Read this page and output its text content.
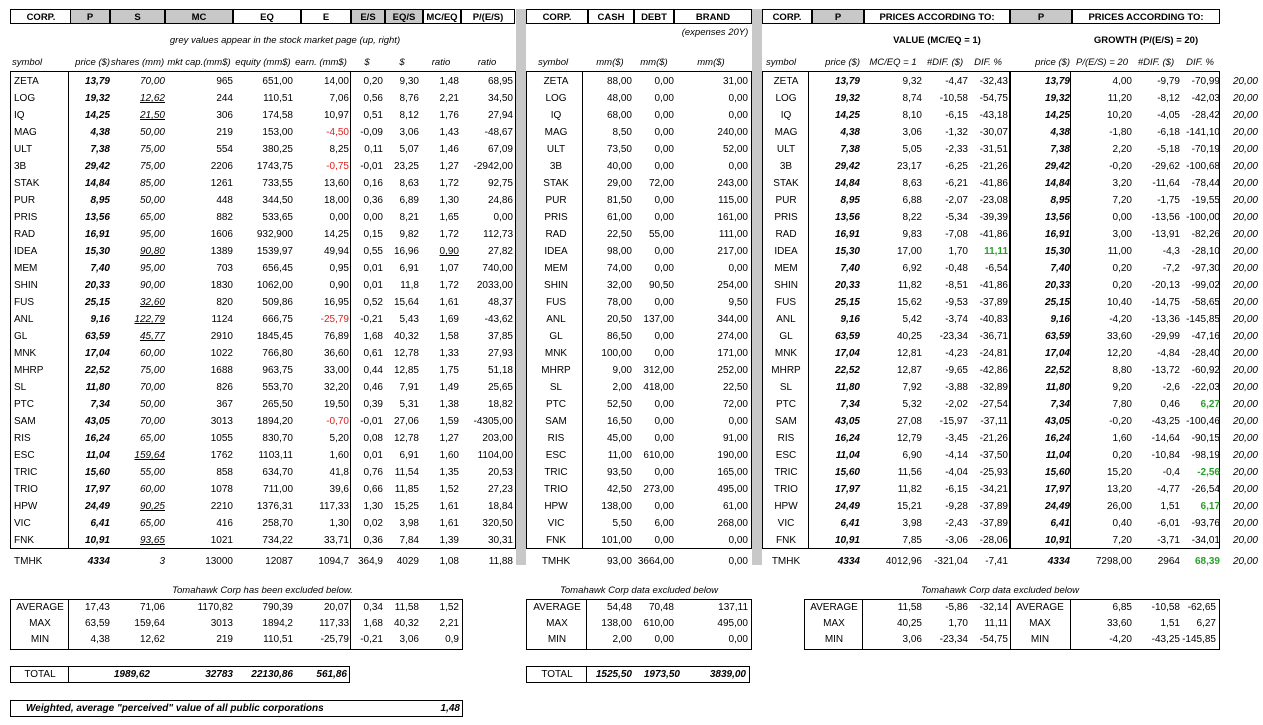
CORP.	P	S	MC	EQ	E	E/S	EQ/S	MC/EQ	P/(E/S)	CORP.	CASH	DEBT	BRAND	CORP.	P	PRICES ACCORDING TO:	P	PRICES ACCORDING TO:
grey values appear in the stock market page (up, right)
(expenses 20Y)
VALUE (MC/EQ = 1)	GROWTH (P/(E/S) = 20)
Tomahawk Corp has been excluded below.	Tomahawk Corp data excluded below	Tomahawk Corp data excluded below
symbol	price ($) shares (mm) mkt cap.(mm$) equity (mm$) earn. (mm$)	$	$	ratio	ratio	symbol	mm($)	mm($)	mm($)	symbol	price ($) MC/EQ = 1	#DIF. ($)	DIF. %	price ($) P/(E/S) = 20	#DIF. ($)	DIF. %
ZETA	13,79	70,00	965	651,00	14,00	0,20	9,30	1,48	68,95	ZETA	88,00	0,00	31,00	ZETA	13,79	9,32	-4,47	-32,43	13,79	4,00	-9,79	-70,99	20,00
LOG	19,32	12,62	244	110,51	7,06	0,56	8,76	2,21	34,50	LOG	48,00	0,00	0,00	LOG	19,32	8,74	-10,58	-54,75	19,32	11,20	-8,12	-42,03	20,00
IQ	14,25	21,50	306	174,58	10,97	0,51	8,12	1,76	27,94	IQ	68,00	0,00	0,00	IQ	14,25	8,10	-6,15	-43,18	14,25	10,20	-4,05	-28,42	20,00
MAG	4,38	50,00	219	153,00	-4,50	-0,09	3,06	1,43	-48,67	MAG	8,50	0,00	240,00	MAG	4,38	3,06	-1,32	-30,07	4,38	-1,80	-6,18 -141,10	20,00
ULT	7,38	75,00	554	380,25	8,25	0,11	5,07	1,46	67,09	ULT	73,50	0,00	52,00	ULT	7,38	5,05	-2,33	-31,51	7,38	2,20	-5,18	-70,19	20,00
3B	29,42	75,00	2206	1743,75	-0,75	-0,01	23,25	1,27	-2942,00	3B	40,00	0,00	0,00	3B	29,42	23,17	-6,25	-21,26	29,42	-0,20	-29,62 -100,68	20,00
STAK	14,84	85,00	1261	733,55	13,60	0,16	8,63	1,72	92,75	STAK	29,00	72,00	243,00	STAK	14,84	8,63	-6,21	-41,86	14,84	3,20	-11,64	-78,44	20,00
PUR	8,95	50,00	448	344,50	18,00	0,36	6,89	1,30	24,86	PUR	81,50	0,00	115,00	PUR	8,95	6,88	-2,07	-23,08	8,95	7,20	-1,75	-19,55	20,00
PRIS	13,56	65,00	882	533,65	0,00	0,00	8,21	1,65	0,00	PRIS	61,00	0,00	161,00	PRIS	13,56	8,22	-5,34	-39,39	13,56	0,00	-13,56 -100,00	20,00
RAD	16,91	95,00	1606	932,900	14,25	0,15	9,82	1,72	112,73	RAD	22,50	55,00	111,00	RAD	16,91	9,83	-7,08	-41,86	16,91	3,00	-13,91	-82,26	20,00
IDEA	15,30	90,80	1389	1539,97	49,94	0,55	16,96	0,90	27,82	IDEA	98,00	0,00	217,00	IDEA	15,30	17,00	1,70	11,11	15,30	11,00	-4,3	-28,10	20,00
MEM	7,40	95,00	703	656,45	0,95	0,01	6,91	1,07	740,00	MEM	74,00	0,00	0,00	MEM	7,40	6,92	-0,48	-6,54	7,40	0,20	-7,2	-97,30	20,00
SHIN	20,33	90,00	1830	1062,00	0,90	0,01	11,8	1,72	2033,00	SHIN	32,00	90,50	254,00	SHIN	20,33	11,82	-8,51	-41,86	20,33	0,20	-20,13	-99,02	20,00
FUS	25,15	32,60	820	509,86	16,95	0,52	15,64	1,61	48,37	FUS	78,00	0,00	9,50	FUS	25,15	15,62	-9,53	-37,89	25,15	10,40	-14,75	-58,65	20,00
ANL	9,16	122,79	1124	666,75	-25,79	-0,21	5,43	1,69	-43,62	ANL	20,50	137,00	344,00	ANL	9,16	5,42	-3,74	-40,83	9,16	-4,20	-13,36 -145,85	20,00
GL	63,59	45,77	2910	1845,45	76,89	1,68	40,32	1,58	37,85	GL	86,50	0,00	274,00	GL	63,59	40,25	-23,34	-36,71	63,59	33,60	-29,99	-47,16	20,00
MNK	17,04	60,00	1022	766,80	36,60	0,61	12,78	1,33	27,93	MNK	100,00	0,00	171,00	MNK	17,04	12,81	-4,23	-24,81	17,04	12,20	-4,84	-28,40	20,00
MHRP	22,52	75,00	1688	963,75	33,00	0,44	12,85	1,75	51,18	MHRP	9,00	312,00	252,00	MHRP	22,52	12,87	-9,65	-42,86	22,52	8,80	-13,72	-60,92	20,00
SL	11,80	70,00	826	553,70	32,20	0,46	7,91	1,49	25,65	SL	2,00	418,00	22,50	SL	11,80	7,92	-3,88	-32,89	11,80	9,20	-2,6	-22,03	20,00
PTC	7,34	50,00	367	265,50	19,50	0,39	5,31	1,38	18,82	PTC	52,50	0,00	72,00	PTC	7,34	5,32	-2,02	-27,54	7,34	7,80	0,46	6,27	20,00
SAM	43,05	70,00	3013	1894,20	-0,70	-0,01	27,06	1,59	-4305,00	SAM	16,50	0,00	0,00	SAM	43,05	27,08	-15,97	-37,11	43,05	-0,20	-43,25 -100,46	20,00
RIS	16,24	65,00	1055	830,70	5,20	0,08	12,78	1,27	203,00	RIS	45,00	0,00	91,00	RIS	16,24	12,79	-3,45	-21,26	16,24	1,60	-14,64	-90,15	20,00
ESC	11,04	159,64	1762	1103,11	1,60	0,01	6,91	1,60	1104,00	ESC	11,00	610,00	190,00	ESC	11,04	6,90	-4,14	-37,50	11,04	0,20	-10,84	-98,19	20,00
TRIC	15,60	55,00	858	634,70	41,8	0,76	11,54	1,35	20,53	TRIC	93,50	0,00	165,00	TRIC	15,60	11,56	-4,04	-25,93	15,60	15,20	-0,4	-2,56	20,00
TRIO	17,97	60,00	1078	711,00	39,6	0,66	11,85	1,52	27,23	TRIO	42,50	273,00	495,00	TRIO	17,97	11,82	-6,15	-34,21	17,97	13,20	-4,77	-26,54	20,00
HPW	24,49	90,25	2210	1376,31	117,33	1,30	15,25	1,61	18,84	HPW	138,00	0,00	61,00	HPW	24,49	15,21	-9,28	-37,89	24,49	26,00	1,51	6,17	20,00
VIC	6,41	65,00	416	258,70	1,30	0,02	3,98	1,61	320,50	VIC	5,50	6,00	268,00	VIC	6,41	3,98	-2,43	-37,89	6,41	0,40	-6,01	-93,76	20,00
FNK	10,91	93,65	1021	734,22	33,71	0,36	7,84	1,39	30,31	FNK	101,00	0,00	0,00	FNK	10,91	7,85	-3,06	-28,06	10,91	7,20	-3,71	-34,01	20,00
TMHK	4334	3	13000	12087	1094,7 364,9	4029	1,08	11,88	TMHK	93,00 3664,00	0,00	TMHK	4334	4012,96	-321,04	-7,41	4334	7298,00	2964	68,39	20,00
AVERAGE	17,43	71,06	1170,82	790,39	20,07	0,34	11,58	1,52
MAX	63,59	159,64	3013	1894,2	117,33	1,68	40,32	2,21
MIN	4,38	12,62	219	110,51	-25,79	-0,21	3,06	0,9
AVERAGE	54,48	70,48	137,11
MAX	138,00	610,00	495,00
MIN	2,00	0,00	0,00
AVERAGE	11,58	-5,86	-32,14 AVERAGE	6,85	-10,58 -62,65
MAX	40,25	1,70	11,11	MAX	33,60	1,51	6,27
MIN	3,06	-23,34	-54,75	MIN	-4,20	-43,25 -145,85
TOTAL	1989,62	32783	22130,86	561,86	TOTAL	1525,50	1973,50	3839,00
Weighted, average "perceived" value of all public corporations	1,48
